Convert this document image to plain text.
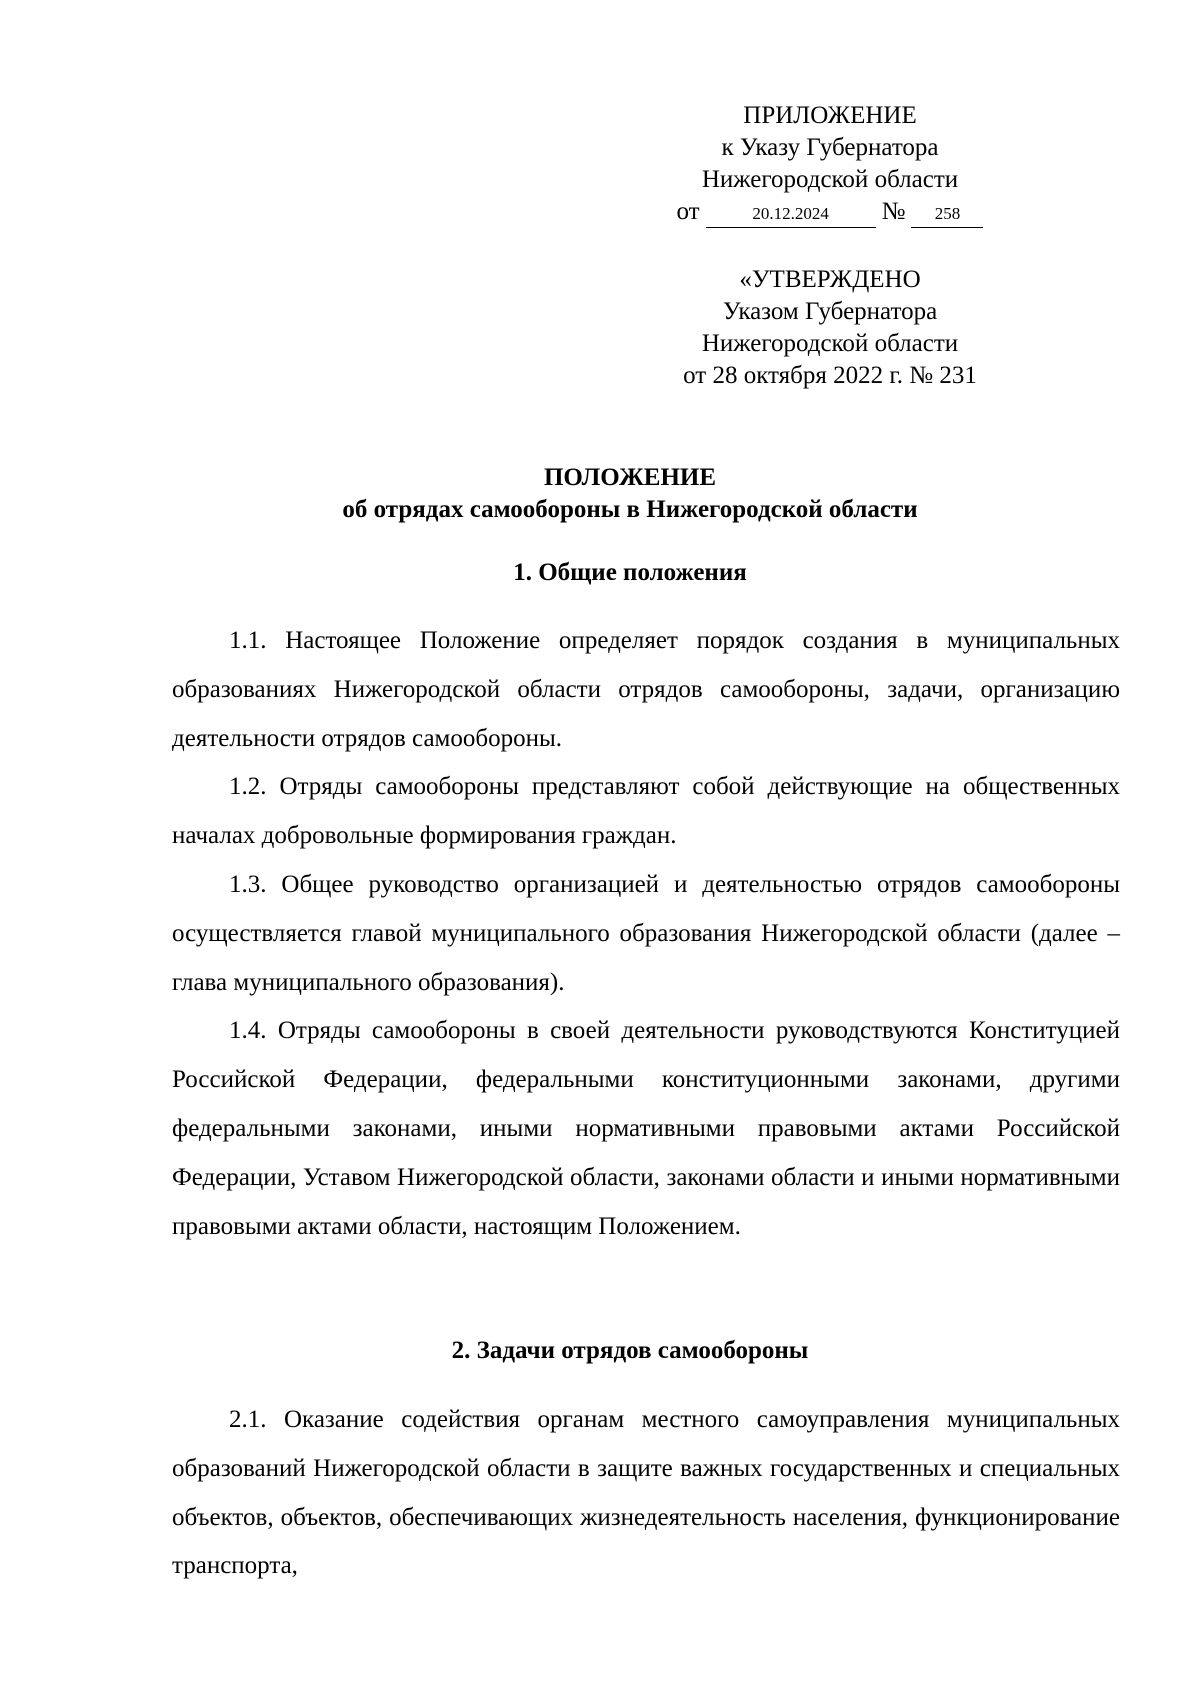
ПРИЛОЖЕНИЕ
к Указу Губернатора
Нижегородской области
от	20.12.2024	№	258
«УТВЕРЖДЕНО
Указом Губернатора
Нижегородской области
от 28 октября 2022 г. № 231
ПОЛОЖЕНИЕ
об отрядах самообороны в Нижегородской области
1. Общие положения

1.1. Настоящее Положение определяет порядок создания в муниципальных образованиях Нижегородской области отрядов самообороны, задачи, организацию деятельности отрядов самообороны.

1.2. Отряды самообороны представляют собой действующие на общественных началах добровольные формирования граждан.

1.3. Общее руководство организацией и деятельностью отрядов самообороны осуществляется главой муниципального образования Нижегородской области (далее – глава муниципального образования).

1.4. Отряды самообороны в своей деятельности руководствуются Конституцией Российской Федерации, федеральными конституционными законами, другими федеральными законами, иными нормативными правовыми актами Российской Федерации, Уставом Нижегородской области, законами области и иными нормативными правовыми актами области, настоящим Положением.

2. Задачи отрядов самообороны

2.1. Оказание содействия органам местного самоуправления муниципальных образований Нижегородской области в защите важных государственных и специальных объектов, объектов, обеспечивающих жизнедеятельность населения, функционирование транспорта,
